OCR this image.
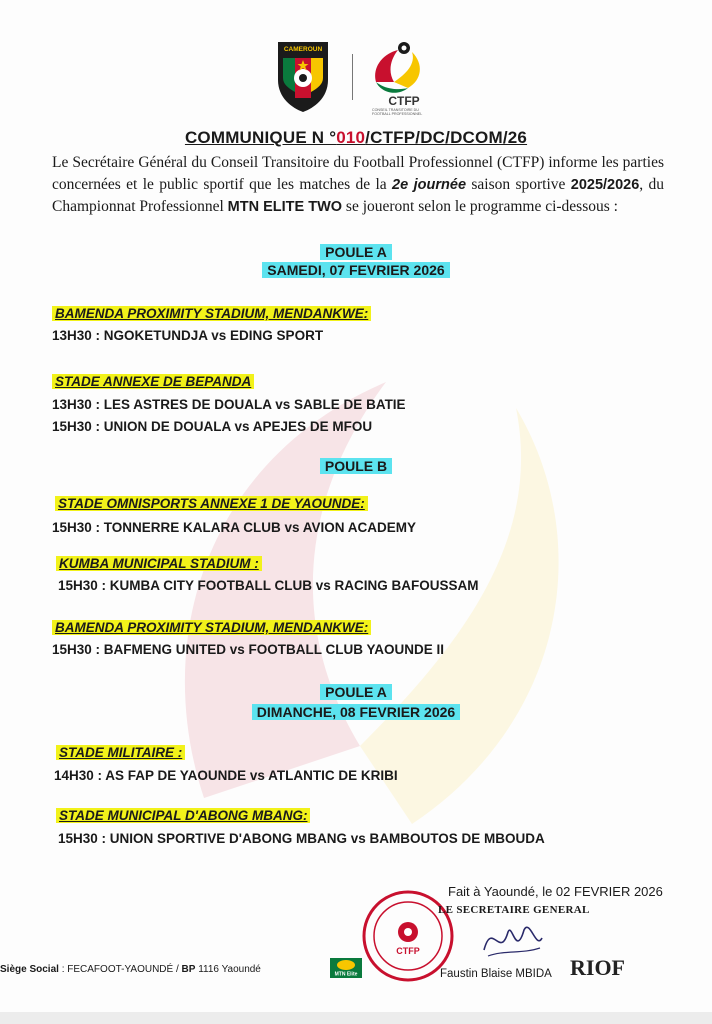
CAMEROUN
CTFP
CONSEIL TRANSITOIRE DU FOOTBALL PROFESSIONNEL
COMMUNIQUE N °010/CTFP/DC/DCOM/26
Le Secrétaire Général du Conseil Transitoire du Football Professionnel (CTFP) informe les parties concernées et le public sportif que les matches de la 2e journée saison sportive 2025/2026, du Championnat Professionnel MTN ELITE TWO se joueront selon le programme ci-dessous :
POULE A
SAMEDI, 07 FEVRIER 2026
BAMENDA PROXIMITY STADIUM, MENDANKWE:
13H30 : NGOKETUNDJA vs EDING SPORT
STADE ANNEXE DE BEPANDA
13H30 : LES ASTRES DE DOUALA vs SABLE DE BATIE
15H30 : UNION DE DOUALA vs APEJES DE MFOU
POULE B
STADE OMNISPORTS ANNEXE 1 DE YAOUNDE:
15H30 : TONNERRE KALARA CLUB vs AVION ACADEMY
KUMBA MUNICIPAL STADIUM :
15H30 : KUMBA CITY FOOTBALL CLUB vs RACING BAFOUSSAM
BAMENDA PROXIMITY STADIUM, MENDANKWE:
15H30 : BAFMENG UNITED vs FOOTBALL CLUB YAOUNDE II
POULE A
DIMANCHE, 08 FEVRIER 2026
STADE MILITAIRE :
14H30 : AS FAP DE YAOUNDE vs ATLANTIC DE KRIBI
STADE MUNICIPAL D'ABONG MBANG:
15H30 : UNION SPORTIVE D'ABONG MBANG vs BAMBOUTOS DE MBOUDA
Fait à Yaoundé, le 02 FEVRIER 2026
CTFP
LE SECRETAIRE GENERAL
Faustin Blaise MBIDA
Siège Social : FECAFOOT-YAOUNDÉ / BP 1116 Yaoundé	MTN Elite	RIOF
